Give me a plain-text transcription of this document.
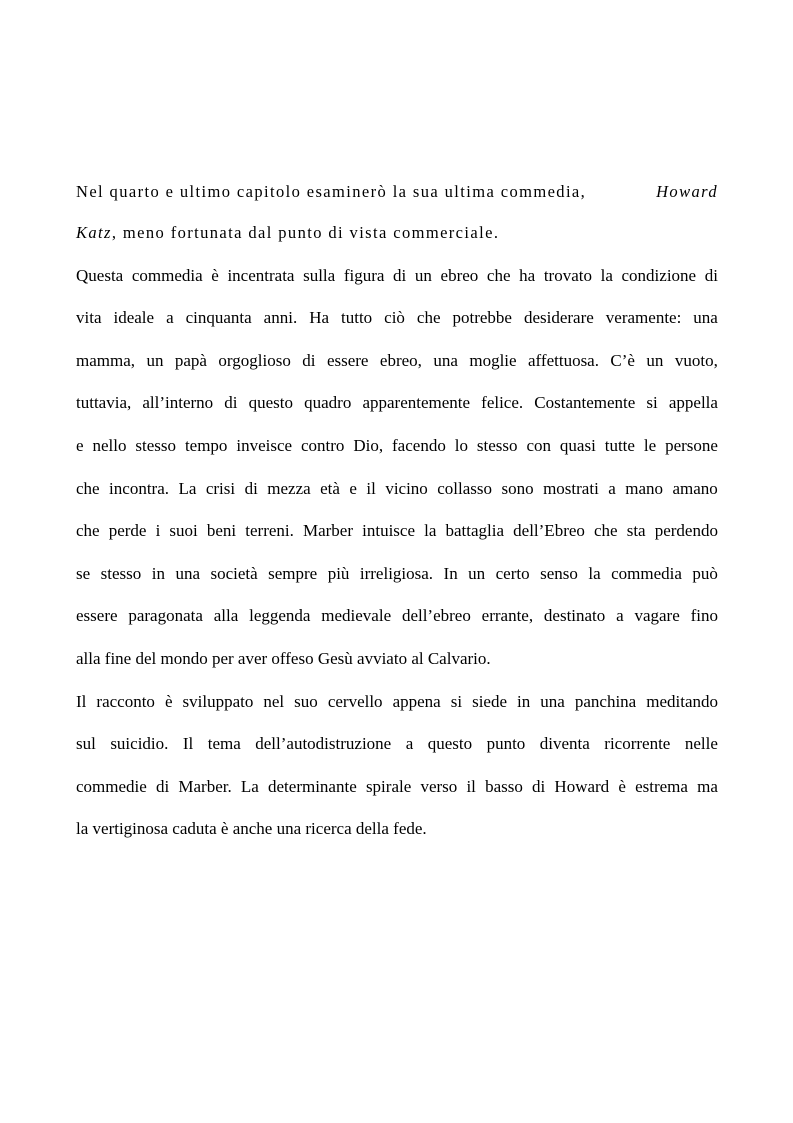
Nel quarto e ultimo capitolo esaminerò la sua ultima commedia,	Howard
Katz , meno fortunata dal punto di vista commerciale.
Questa commedia è incentrata sulla figura di un ebreo che ha trovato la condizione di
vita ideale a cinquanta anni. Ha tutto ciò che potrebbe desiderare veramente: una
mamma, un papà orgoglioso di essere ebreo, una moglie affettuosa. C’è un vuoto,
tuttavia, all’interno di questo quadro apparentemente felice. Costantemente si appella
e nello stesso tempo inveisce contro Dio, facendo lo stesso con quasi tutte le persone
che incontra. La crisi di mezza età e il vicino collasso sono mostrati a mano amano
che perde i suoi beni terreni. Marber intuisce la battaglia dell’Ebreo che sta perdendo
se stesso in una società sempre più irreligiosa. In un certo senso la commedia può
essere paragonata alla leggenda medievale dell’ebreo errante, destinato a vagare fino
alla fine del mondo per aver offeso Gesù avviato al Calvario.
Il racconto è sviluppato nel suo cervello appena si siede in una panchina meditando
sul suicidio. Il tema dell’autodistruzione a questo punto diventa ricorrente nelle
commedie di Marber. La determinante spirale verso il basso di Howard è estrema ma
la vertiginosa caduta è anche una ricerca della fede.
